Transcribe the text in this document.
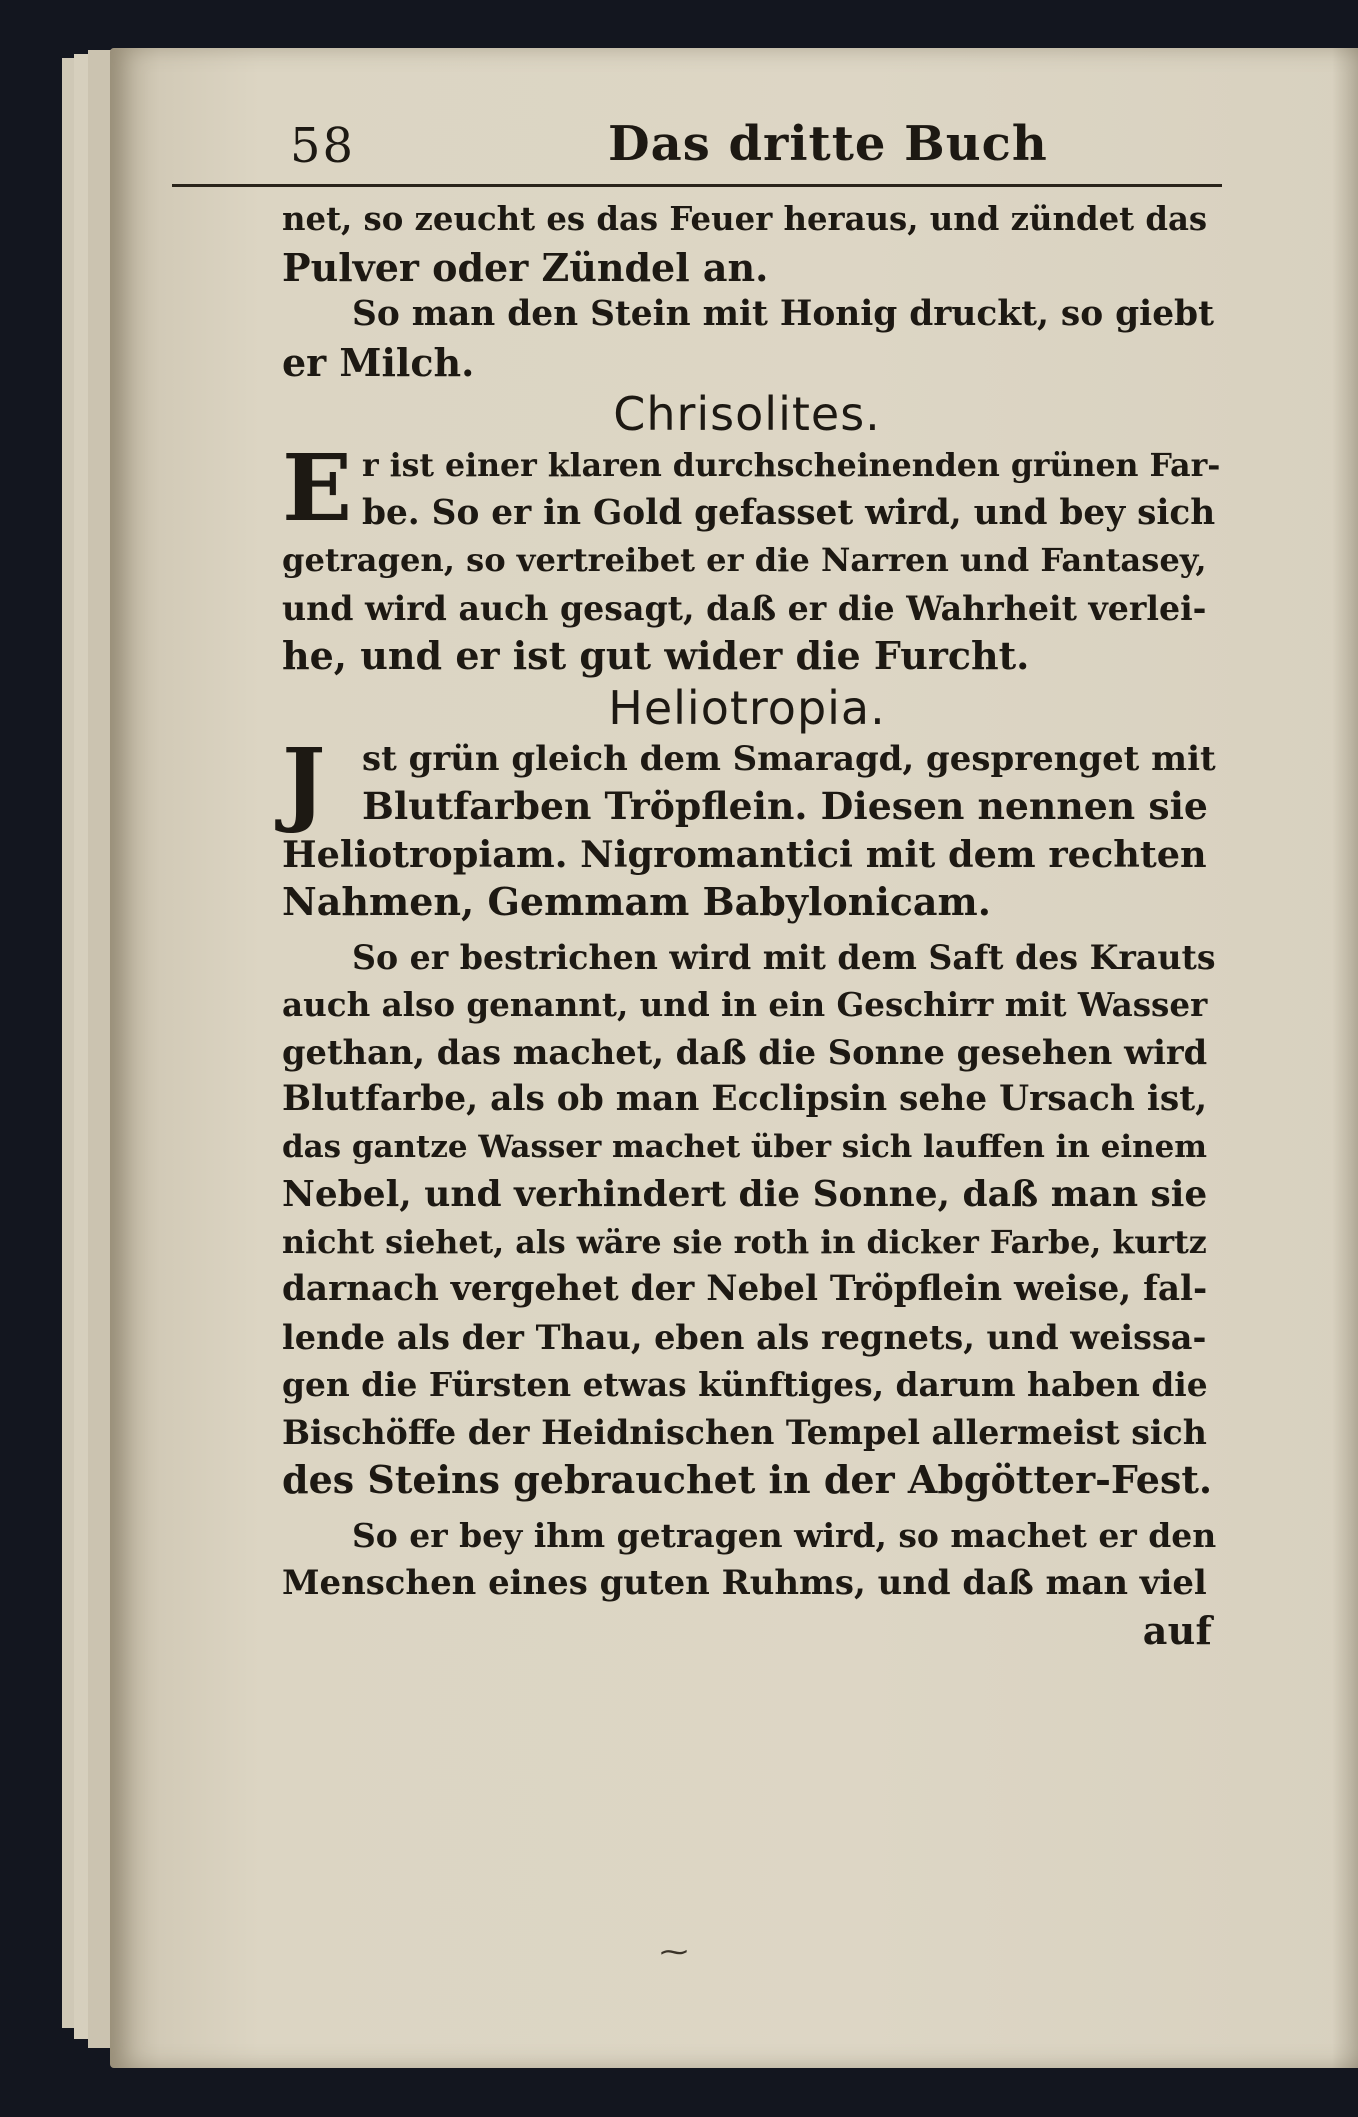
58	Das dritte Buch
net, so zeucht es das Feuer heraus, und zündet das
Pulver oder Zündel an.
So man den Stein mit Honig druckt, so giebt
er Milch.
Chrisolites.
E r ist einer klaren durchscheinenden grünen Far-
be. So er in Gold gefasset wird, und bey sich
getragen, so vertreibet er die Narren und Fantasey,
und wird auch gesagt, daß er die Wahrheit verlei-
he, und er ist gut wider die Furcht.
Heliotropia.
J st grün gleich dem Smaragd, gesprenget mit
Blutfarben Tröpflein. Diesen nennen sie
Heliotropiam. Nigromantici mit dem rechten
Nahmen, Gemmam Babylonicam.
So er bestrichen wird mit dem Saft des Krauts
auch also genannt, und in ein Geschirr mit Wasser
gethan, das machet, daß die Sonne gesehen wird
Blutfarbe, als ob man Ecclipsin sehe Ursach ist,
das gantze Wasser machet über sich lauffen in einem
Nebel, und verhindert die Sonne, daß man sie
nicht siehet, als wäre sie roth in dicker Farbe, kurtz
darnach vergehet der Nebel Tröpflein weise, fal-
lende als der Thau, eben als regnets, und weissa-
gen die Fürsten etwas künftiges, darum haben die
Bischöffe der Heidnischen Tempel allermeist sich
des Steins gebrauchet in der Abgötter-Fest.
So er bey ihm getragen wird, so machet er den
Menschen eines guten Ruhms, und daß man viel
auf
⁓
